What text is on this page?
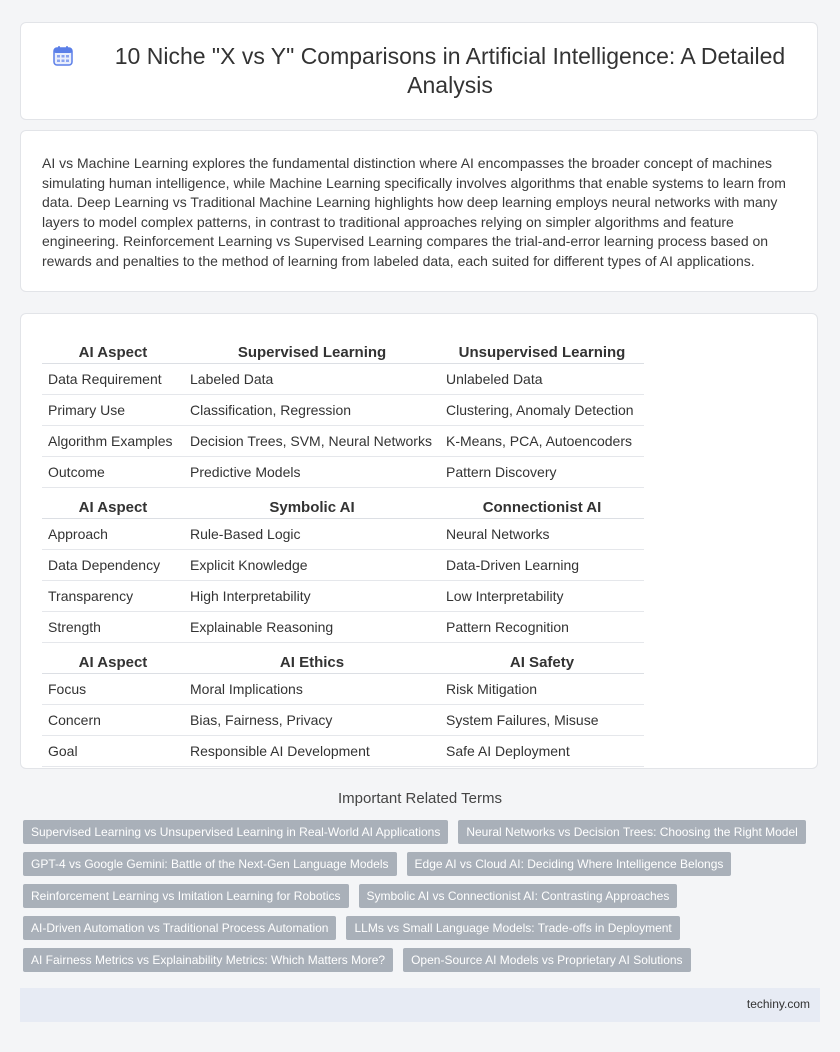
10 Niche "X vs Y" Comparisons in Artificial Intelligence: A Detailed Analysis

AI vs Machine Learning explores the fundamental distinction where AI encompasses the broader concept of machines simulating human intelligence, while Machine Learning specifically involves algorithms that enable systems to learn from data. Deep Learning vs Traditional Machine Learning highlights how deep learning employs neural networks with many layers to model complex patterns, in contrast to traditional approaches relying on simpler algorithms and feature engineering. Reinforcement Learning vs Supervised Learning compares the trial-and-error learning process based on rewards and penalties to the method of learning from labeled data, each suited for different types of AI applications.

AI Aspect	Supervised Learning	Unsupervised Learning
Data Requirement	Labeled Data	Unlabeled Data
Primary Use	Classification, Regression	Clustering, Anomaly Detection
Algorithm Examples	Decision Trees, SVM, Neural Networks	K-Means, PCA, Autoencoders
Outcome	Predictive Models	Pattern Discovery
AI Aspect	Symbolic AI	Connectionist AI
Approach	Rule-Based Logic	Neural Networks
Data Dependency	Explicit Knowledge	Data-Driven Learning
Transparency	High Interpretability	Low Interpretability
Strength	Explainable Reasoning	Pattern Recognition
AI Aspect	AI Ethics	AI Safety
Focus	Moral Implications	Risk Mitigation
Concern	Bias, Fairness, Privacy	System Failures, Misuse
Goal	Responsible AI Development	Safe AI Deployment
Important Related Terms
Supervised Learning vs Unsupervised Learning in Real-World AI Applications	Neural Networks vs Decision Trees: Choosing the Right Model
GPT-4 vs Google Gemini: Battle of the Next-Gen Language Models	Edge AI vs Cloud AI: Deciding Where Intelligence Belongs
Reinforcement Learning vs Imitation Learning for Robotics	Symbolic AI vs Connectionist AI: Contrasting Approaches
AI-Driven Automation vs Traditional Process Automation	LLMs vs Small Language Models: Trade-offs in Deployment
AI Fairness Metrics vs Explainability Metrics: Which Matters More?	Open-Source AI Models vs Proprietary AI Solutions
techiny.com
